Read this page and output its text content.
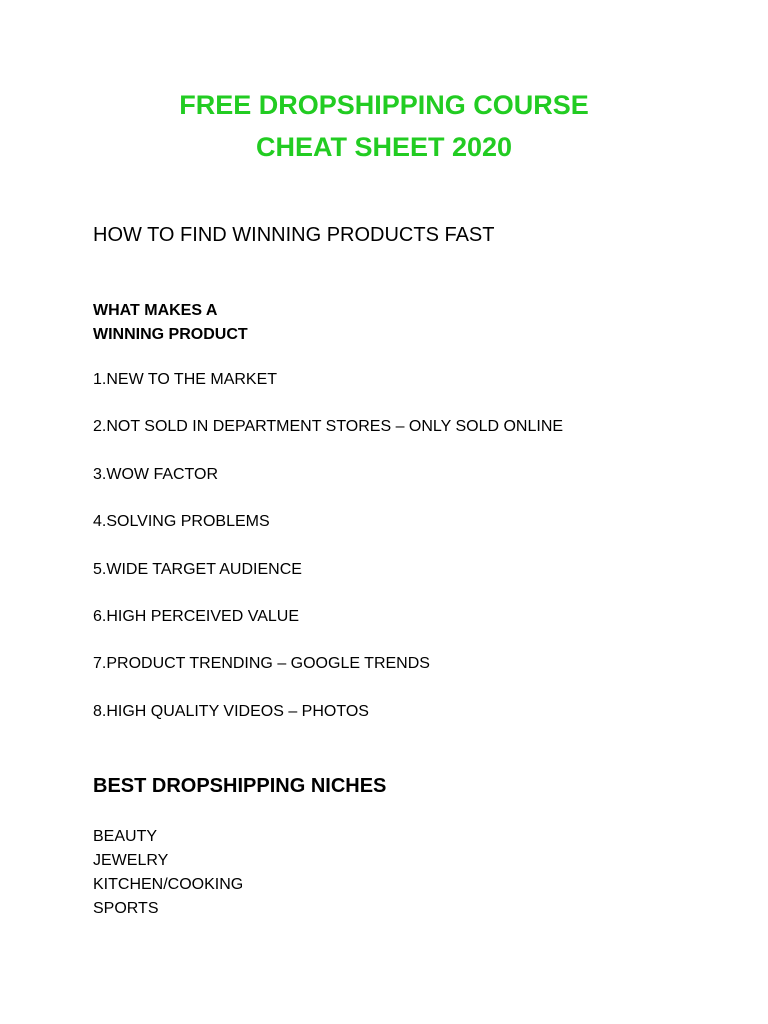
FREE DROPSHIPPING COURSE
CHEAT SHEET 2020
HOW TO FIND WINNING PRODUCTS FAST
WHAT MAKES A
WINNING PRODUCT
1.NEW TO THE MARKET
2.NOT SOLD IN DEPARTMENT STORES – ONLY SOLD ONLINE
3.WOW FACTOR
4.SOLVING PROBLEMS
5.WIDE TARGET AUDIENCE
6.HIGH PERCEIVED VALUE
7.PRODUCT TRENDING – GOOGLE TRENDS
8.HIGH QUALITY VIDEOS – PHOTOS
BEST DROPSHIPPING NICHES
BEAUTY
JEWELRY
KITCHEN/COOKING
SPORTS
